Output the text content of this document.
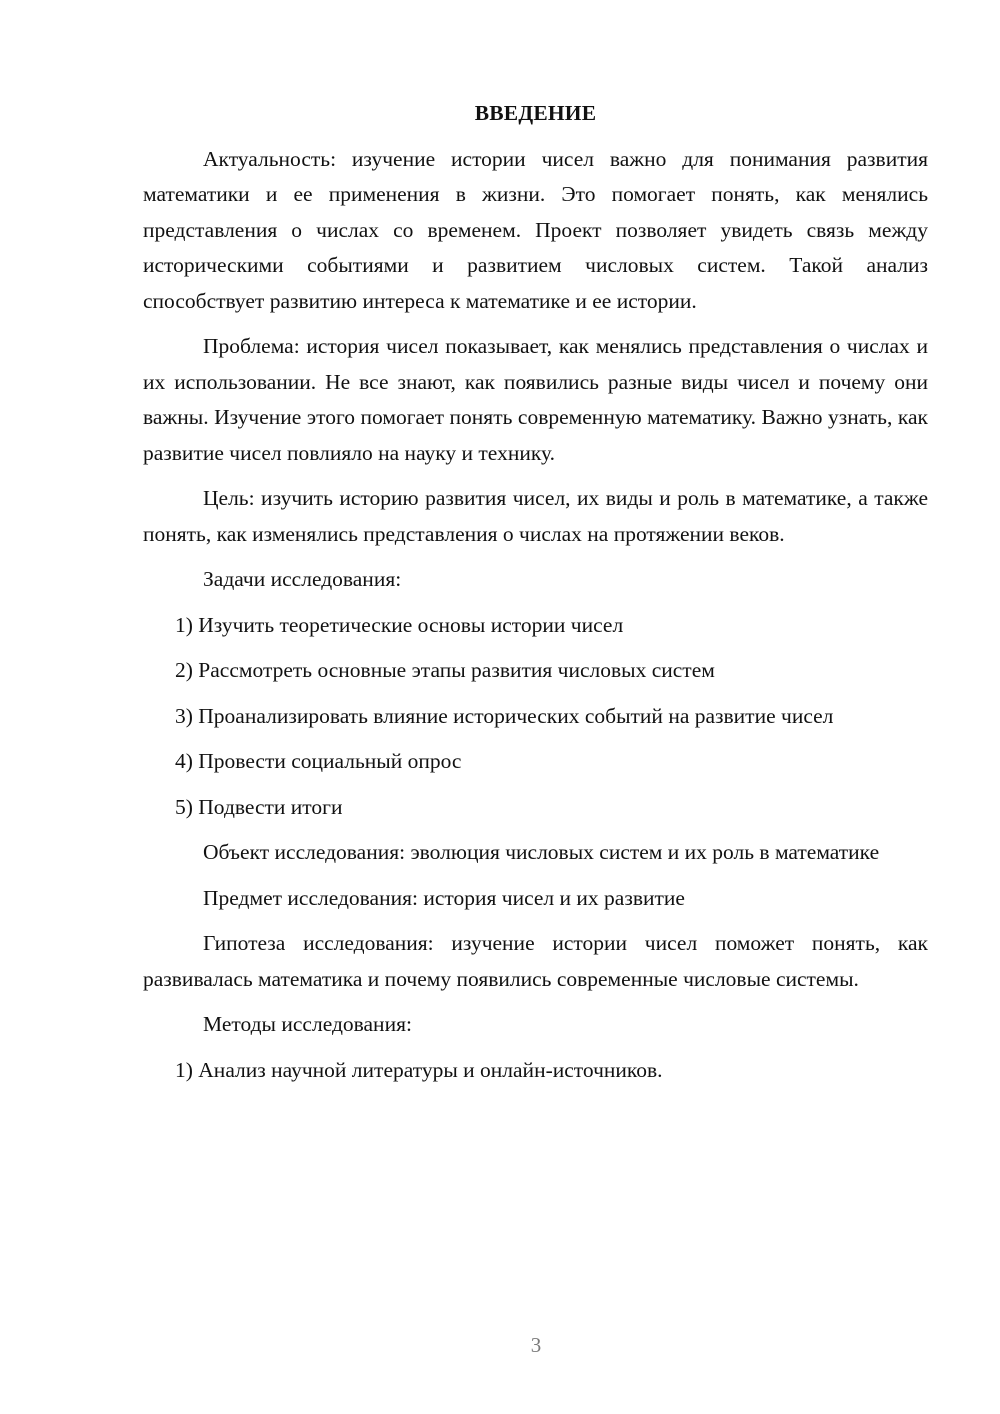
ВВЕДЕНИЕ

Актуальность: изучение истории чисел важно для понимания развития математики и ее применения в жизни. Это помогает понять, как менялись представления о числах со временем. Проект позволяет увидеть связь между историческими событиями и развитием числовых систем. Такой анализ способствует развитию интереса к математике и ее истории.

Проблема: история чисел показывает, как менялись представления о числах и их использовании. Не все знают, как появились разные виды чисел и почему они важны. Изучение этого помогает понять современную математику. Важно узнать, как развитие чисел повлияло на науку и технику.

Цель: изучить историю развития чисел, их виды и роль в математике, а также понять, как изменялись представления о числах на протяжении веков.

Задачи исследования:

1) Изучить теоретические основы истории чисел

2) Рассмотреть основные этапы развития числовых систем

3) Проанализировать влияние исторических событий на развитие чисел

4) Провести социальный опрос

5) Подвести итоги

Объект исследования: эволюция числовых систем и их роль в математике

Предмет исследования: история чисел и их развитие

Гипотеза исследования: изучение истории чисел поможет понять, как развивалась математика и почему появились современные числовые системы.

Методы исследования:

1) Анализ научной литературы и онлайн-источников.

3
